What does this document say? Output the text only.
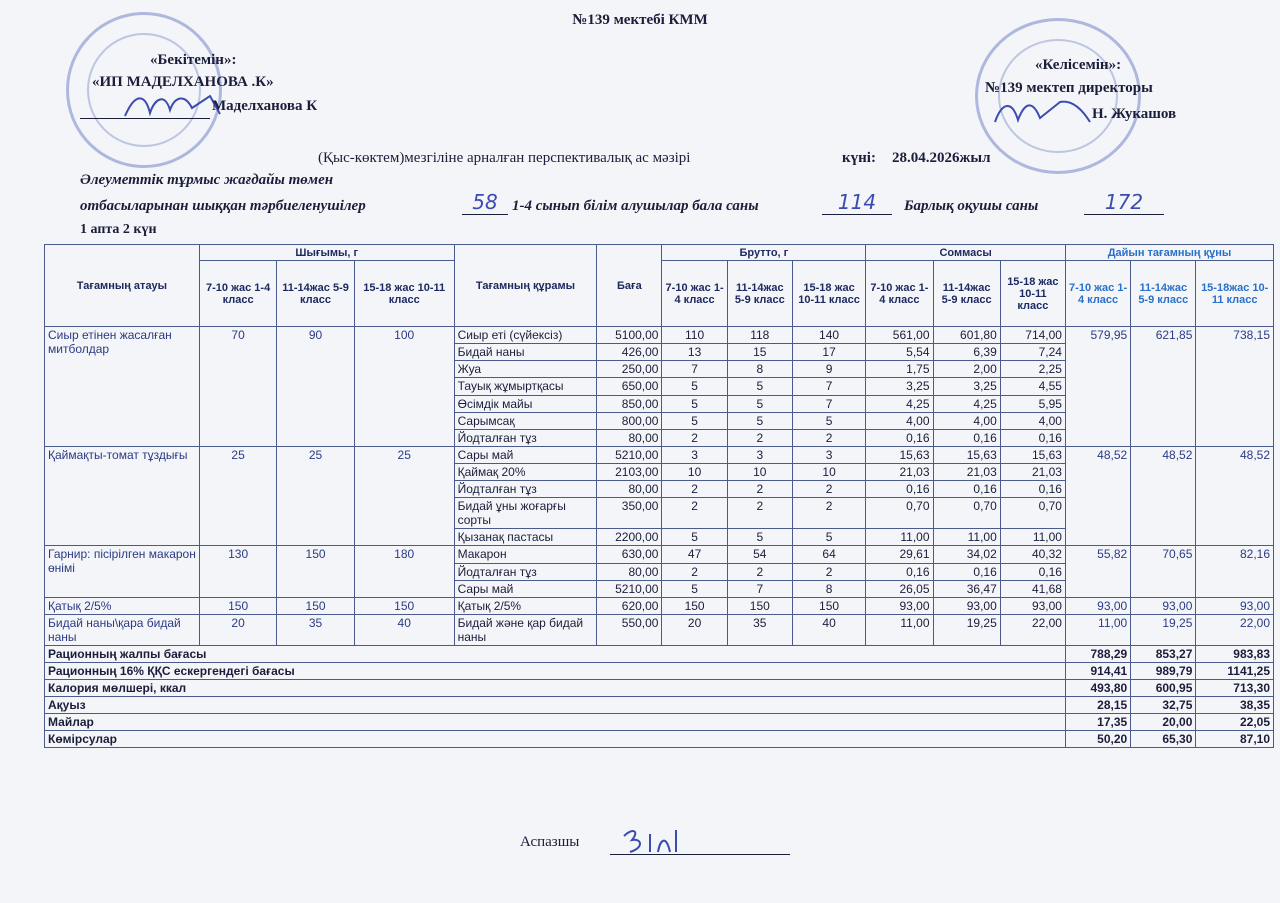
№139 мектебі КММ
«Бекітемін»:
«ИП МАДЕЛХАНОВА .К»
Маделханова К
«Келісемін»:
№139 мектеп директоры
Н. Жукашов
(Қыс-көктем)мезгіліне арналған перспективалық ас мәзірі	күні: 28.04.2026жыл
Әлеуметтік тұрмыс жағдайы төмен
отбасыларынан шыққан тәрбиеленушілер	58 1-4 сынып білім алушылар бала саны	114	Барлық оқушы саны	172
1 апта 2 күн
Тағамның атауы	Шығымы, г			Тағамның құрамы	Баға	Брутто, г			Соммасы			Дайын тағамның құны		
	7-10 жас 1-4 класс	11-14жас 5-9 класс	15-18 жас 10-11 класс			7-10 жас 1-4 класс	11-14жас 5-9 класс	15-18 жас 10-11 класс	7-10 жас 1-4 класс	11-14жас 5-9 класс	15-18 жас 10-11 класс	7-10 жас 1-4 класс	11-14жас 5-9 класс	15-18жас 10-11 класс
Сиыр етінен жасалған митболдар	70	90	100	Сиыр еті (сүйексіз)	5100,00	110	118	140	561,00	601,80	714,00	579,95	621,85	738,15
				Бидай наны	426,00	13	15	17	5,54	6,39	7,24			
				Жуа	250,00	7	8	9	1,75	2,00	2,25			
				Тауық жұмыртқасы	650,00	5	5	7	3,25	3,25	4,55			
				Өсімдік майы	850,00	5	5	7	4,25	4,25	5,95			
				Сарымсақ	800,00	5	5	5	4,00	4,00	4,00			
				Йодталған тұз	80,00	2	2	2	0,16	0,16	0,16			
Қаймақты-томат тұздығы	25	25	25	Сары май	5210,00	3	3	3	15,63	15,63	15,63	48,52	48,52	48,52
				Қаймақ 20%	2103,00	10	10	10	21,03	21,03	21,03			
				Йодталған тұз	80,00	2	2	2	0,16	0,16	0,16			
				Бидай ұны жоғарғы сорты	350,00	2	2	2	0,70	0,70	0,70			
				Қызанақ пастасы	2200,00	5	5	5	11,00	11,00	11,00			
Гарнир: пісірілген макарон өнімі	130	150	180	Макарон	630,00	47	54	64	29,61	34,02	40,32	55,82	70,65	82,16
				Йодталған тұз	80,00	2	2	2	0,16	0,16	0,16			
				Сары май	5210,00	5	7	8	26,05	36,47	41,68			
Қатық 2/5%	150	150	150	Қатық 2/5%	620,00	150	150	150	93,00	93,00	93,00	93,00	93,00	93,00
Бидай наны\қара бидай наны	20	35	40	Бидай және қар бидай наны	550,00	20	35	40	11,00	19,25	22,00	11,00	19,25	22,00
Рационның жалпы бағасы												788,29	853,27	983,83
Рационның 16% ҚҚС ескергендегі бағасы												914,41	989,79	1141,25
Калория мөлшері, ккал												493,80	600,95	713,30
Ақуыз												28,15	32,75	38,35
Майлар												17,35	20,00	22,05
Көмірсулар												50,20	65,30	87,10
Аспазшы
